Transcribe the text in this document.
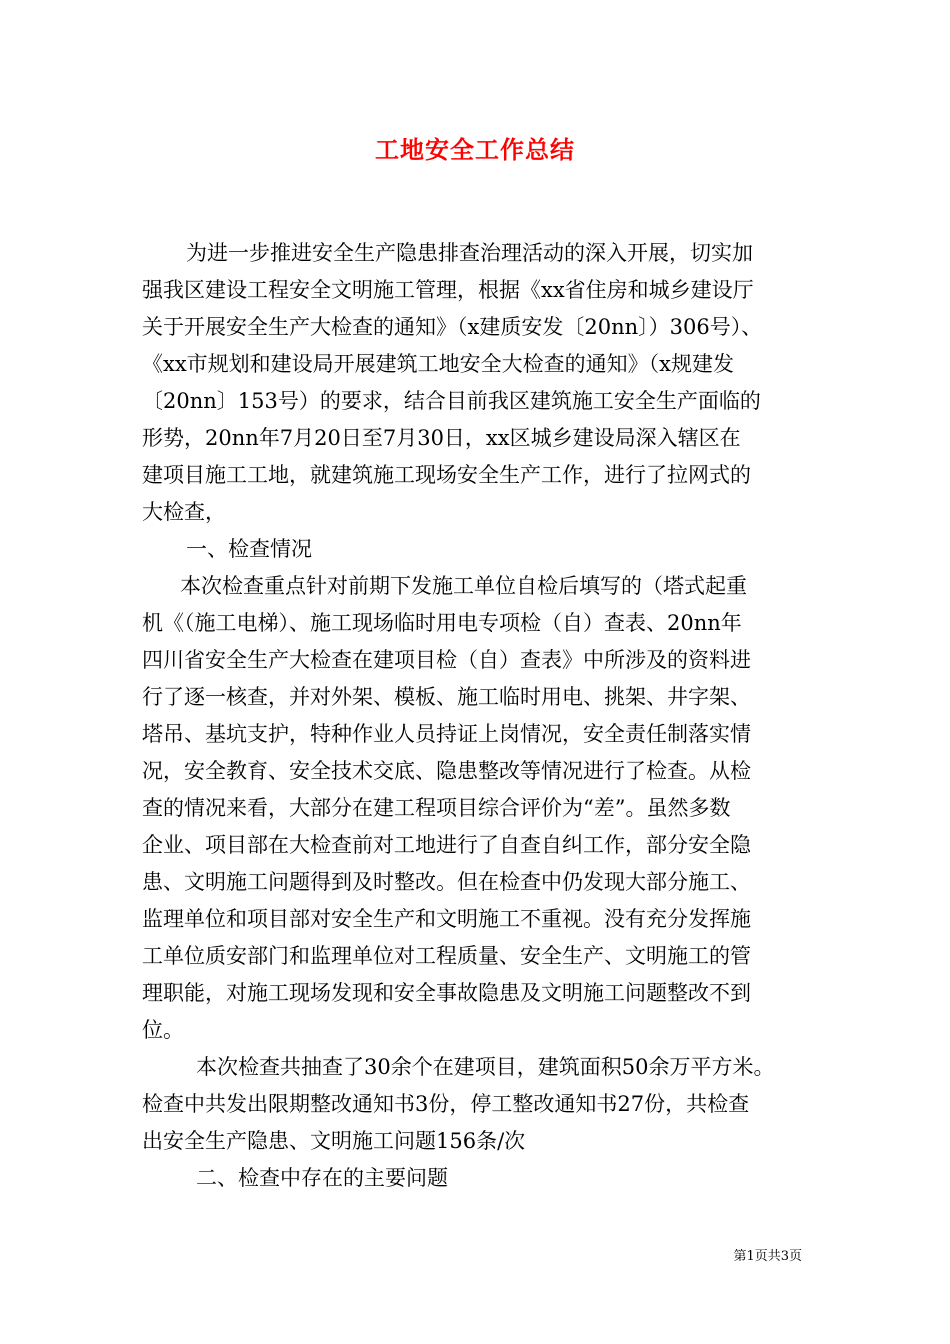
工地安全工作总结
为进一步推进安全生产隐患排查治理活动的深入开展，切实加
强我区建设工程安全文明施工管理，根据《xx省住房和城乡建设厅
关于开展安全生产大检查的通知》（x建质安发〔20nn〕）306号）、
《xx市规划和建设局开展建筑工地安全大检查的通知》（x规建发
〔20nn〕153号）的要求，结合目前我区建筑施工安全生产面临的
形势，20nn年7月20日至7月30日，xx区城乡建设局深入辖区在
建项目施工工地，就建筑施工现场安全生产工作，进行了拉网式的
大检查，
一、检查情况
本次检查重点针对前期下发施工单位自检后填写的（塔式起重
机《（施工电梯）、施工现场临时用电专项检（自）查表、20nn年
四川省安全生产大检查在建项目检（自）查表》中所涉及的资料进
行了逐一核查，并对外架、模板、施工临时用电、挑架、井字架、
塔吊、基坑支护，特种作业人员持证上岗情况，安全责任制落实情
况，安全教育、安全技术交底、隐患整改等情况进行了检查。从检
查的情况来看，大部分在建工程项目综合评价为“差”。虽然多数
企业、项目部在大检查前对工地进行了自查自纠工作，部分安全隐
患、文明施工问题得到及时整改。但在检查中仍发现大部分施工、
监理单位和项目部对安全生产和文明施工不重视。没有充分发挥施
工单位质安部门和监理单位对工程质量、安全生产、文明施工的管
理职能，对施工现场发现和安全事故隐患及文明施工问题整改不到
位。
本次检查共抽查了30余个在建项目，建筑面积50余万平方米。
检查中共发出限期整改通知书3份，停工整改通知书27份，共检查
出安全生产隐患、文明施工问题156条/次
二、检查中存在的主要问题
第1页共3页
